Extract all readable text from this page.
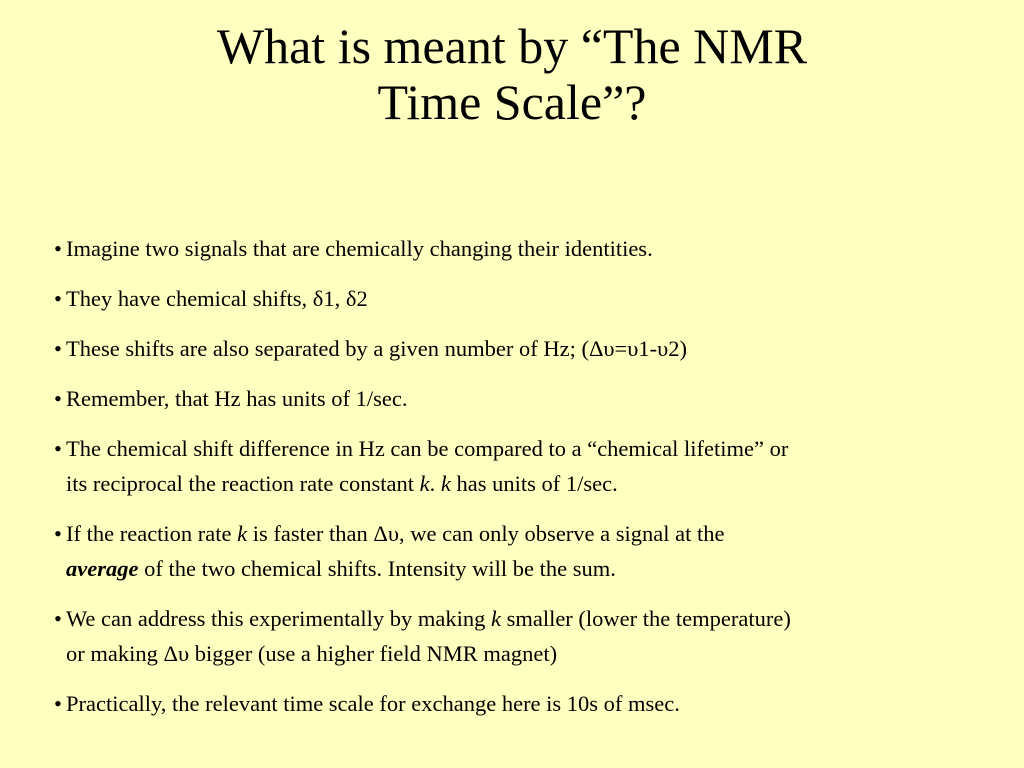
What is meant by “The NMR
Time Scale”?
• Imagine two signals that are chemically changing their identities.
• They have chemical shifts, δ1, δ2
• These shifts are also separated by a given number of Hz; (Δυ=υ1-υ2)
• Remember, that Hz has units of 1/sec.
• The chemical shift difference in Hz can be compared to a “chemical lifetime” or
its reciprocal the reaction rate constant k. k has units of 1/sec.
• If the reaction rate k is faster than Δυ, we can only observe a signal at the
average of the two chemical shifts. Intensity will be the sum.
• We can address this experimentally by making k smaller (lower the temperature)
or making Δυ bigger (use a higher field NMR magnet)
• Practically, the relevant time scale for exchange here is 10s of msec.
